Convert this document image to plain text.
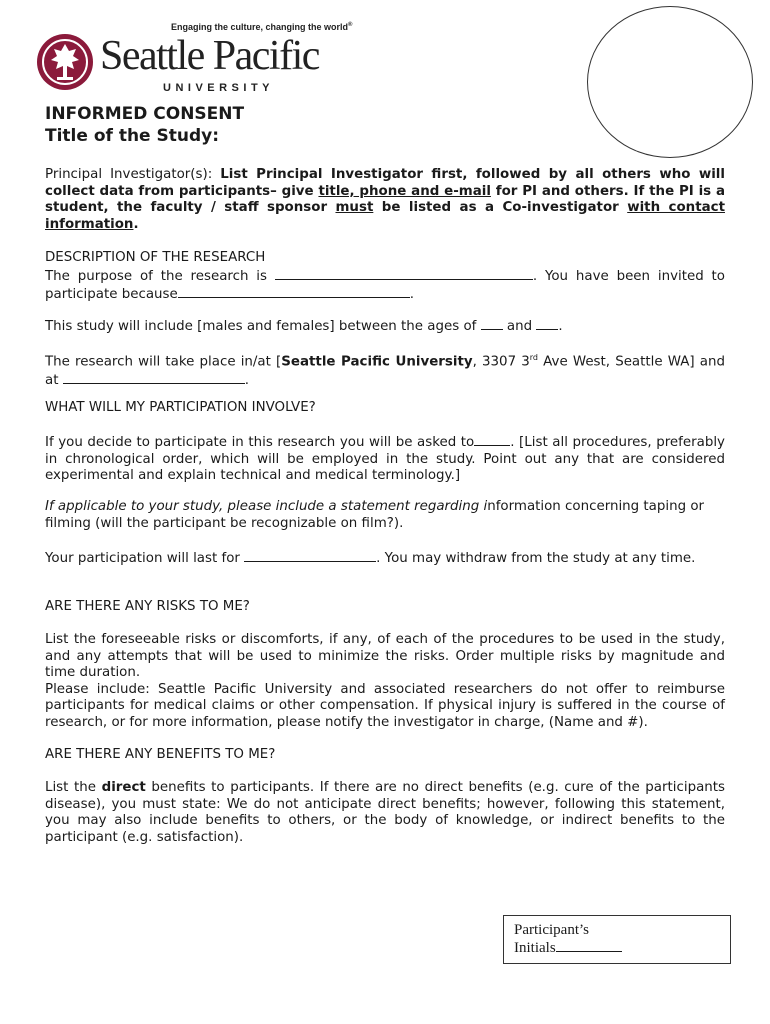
Engaging the culture, changing the world®
Seattle Pacific
UNIVERSITY
INFORMED CONSENT
Title of the Study:
Principal Investigator(s): List Principal Investigator first, followed by all others who will collect data from participants– give title, phone and e-mail for PI and others. If the PI is a student, the faculty / staff sponsor must be listed as a Co-investigator with contact information.
DESCRIPTION OF THE RESEARCH
The purpose of the research is	. You have been invited to participate because	.
This study will include [males and females] between the ages of  and .
The research will take place in/at [Seattle Pacific University, 3307 3rd Ave West, Seattle WA] and at	.
WHAT WILL MY PARTICIPATION INVOLVE?
If you decide to participate in this research you will be asked to	. [List all procedures, preferably in chronological order, which will be employed in the study. Point out any that are considered experimental and explain technical and medical terminology.]
If applicable to your study, please include a statement regarding information concerning taping or filming (will the participant be recognizable on film?).
Your participation will last for	. You may withdraw from the study at any time.
ARE THERE ANY RISKS TO ME?
List the foreseeable risks or discomforts, if any, of each of the procedures to be used in the study, and any attempts that will be used to minimize the risks. Order multiple risks by magnitude and time duration.
Please include: Seattle Pacific University and associated researchers do not offer to reimburse participants for medical claims or other compensation. If physical injury is suffered in the course of research, or for more information, please notify the investigator in charge, (Name and #).
ARE THERE ANY BENEFITS TO ME?
List the direct benefits to participants. If there are no direct benefits (e.g. cure of the participants disease), you must state: We do not anticipate direct benefits; however, following this statement, you may also include benefits to others, or the body of knowledge, or indirect benefits to the participant (e.g. satisfaction).
Participant’s
Initials
